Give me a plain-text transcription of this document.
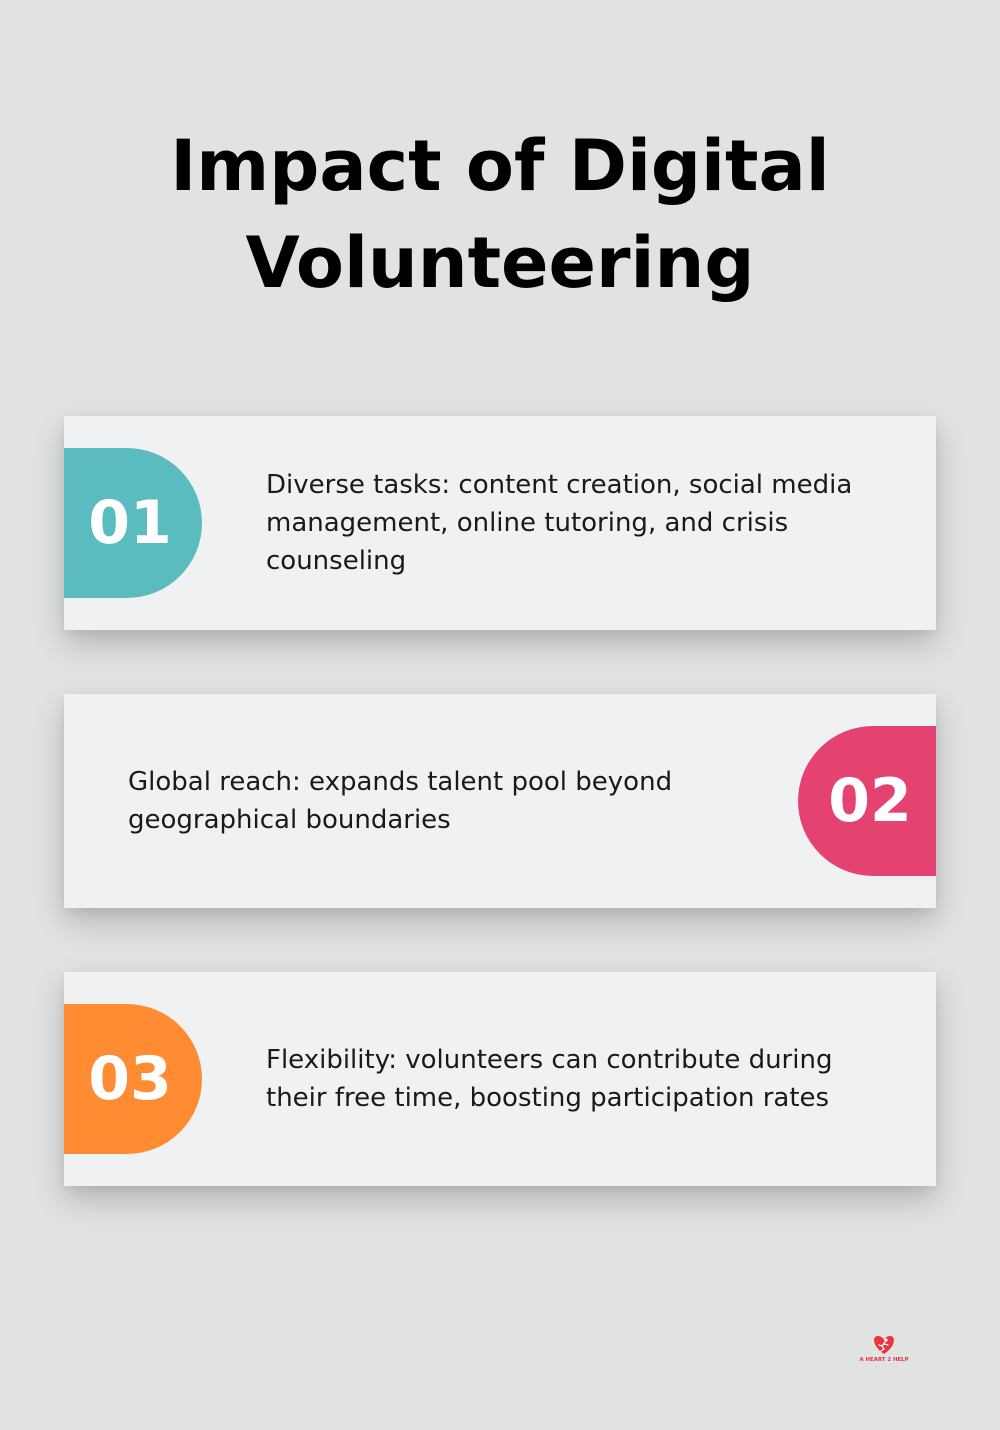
Impact of Digital Volunteering
01

Diverse tasks: content creation, social media management, online tutoring, and crisis counseling

Global reach: expands talent pool beyond geographical boundaries	02
03	Flexibility: volunteers can contribute during their free time, boosting participation rates

A HEART 2 HELP
